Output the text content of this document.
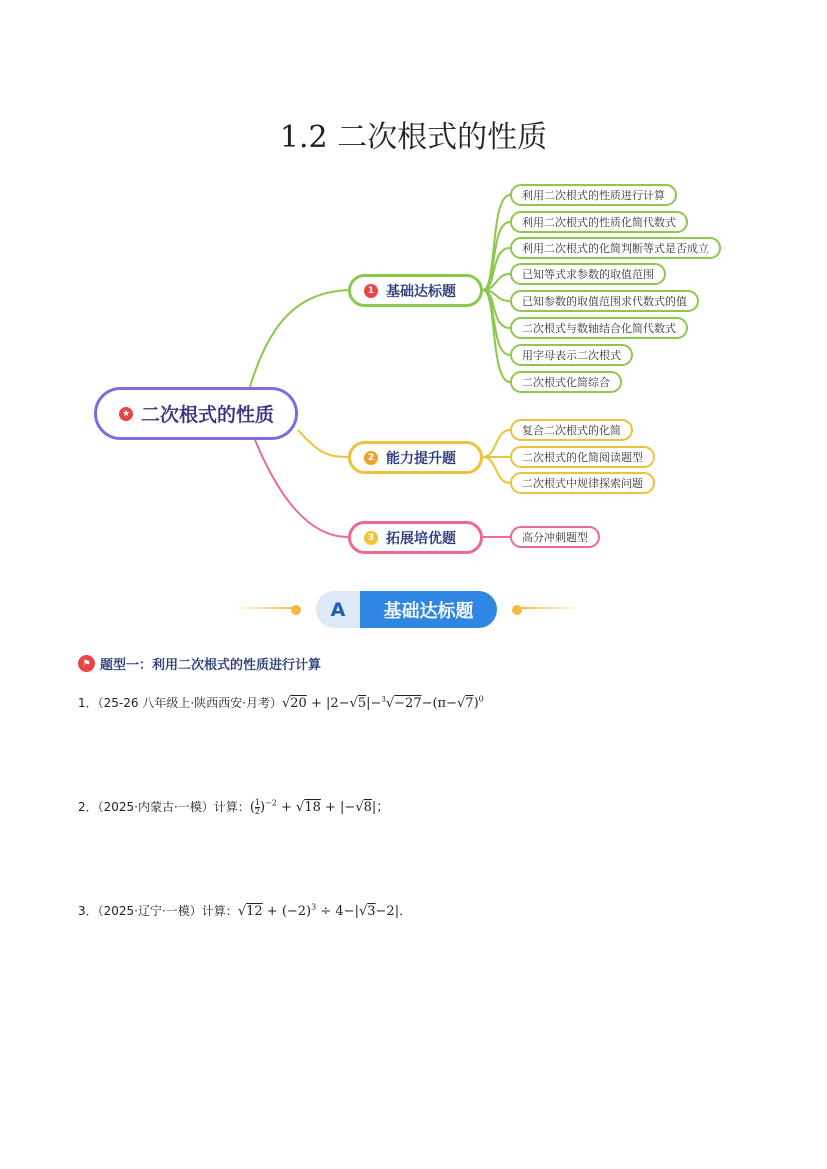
1.2 二次根式的性质
★ 二次根式的性质
1 基础达标题
2 能力提升题
3 拓展培优题
利用二次根式的性质进行计算
利用二次根式的性质化简代数式
利用二次根式的化简判断等式是否成立
已知等式求参数的取值范围
已知参数的取值范围求代数式的值
二次根式与数轴结合化简代数式
用字母表示二次根式
二次根式化简综合
复合二次根式的化简
二次根式的化简阅读题型
二次根式中规律探索问题
高分冲刺题型
A	基础达标题
⚑ 题型一：利用二次根式的性质进行计算
1．（25-26 八年级上·陕西西安·月考）$√20 + |2-√5|-^3√-27-(\pi-√7)^0$
2．（2025·内蒙古·一模）计算：( $\frac{1}{2} )^{-2} + √18 + |-√8|$；
3．（2025·辽宁·一模）计算：$√12 + (-2)^3 \div 4-|√3-2|$．
